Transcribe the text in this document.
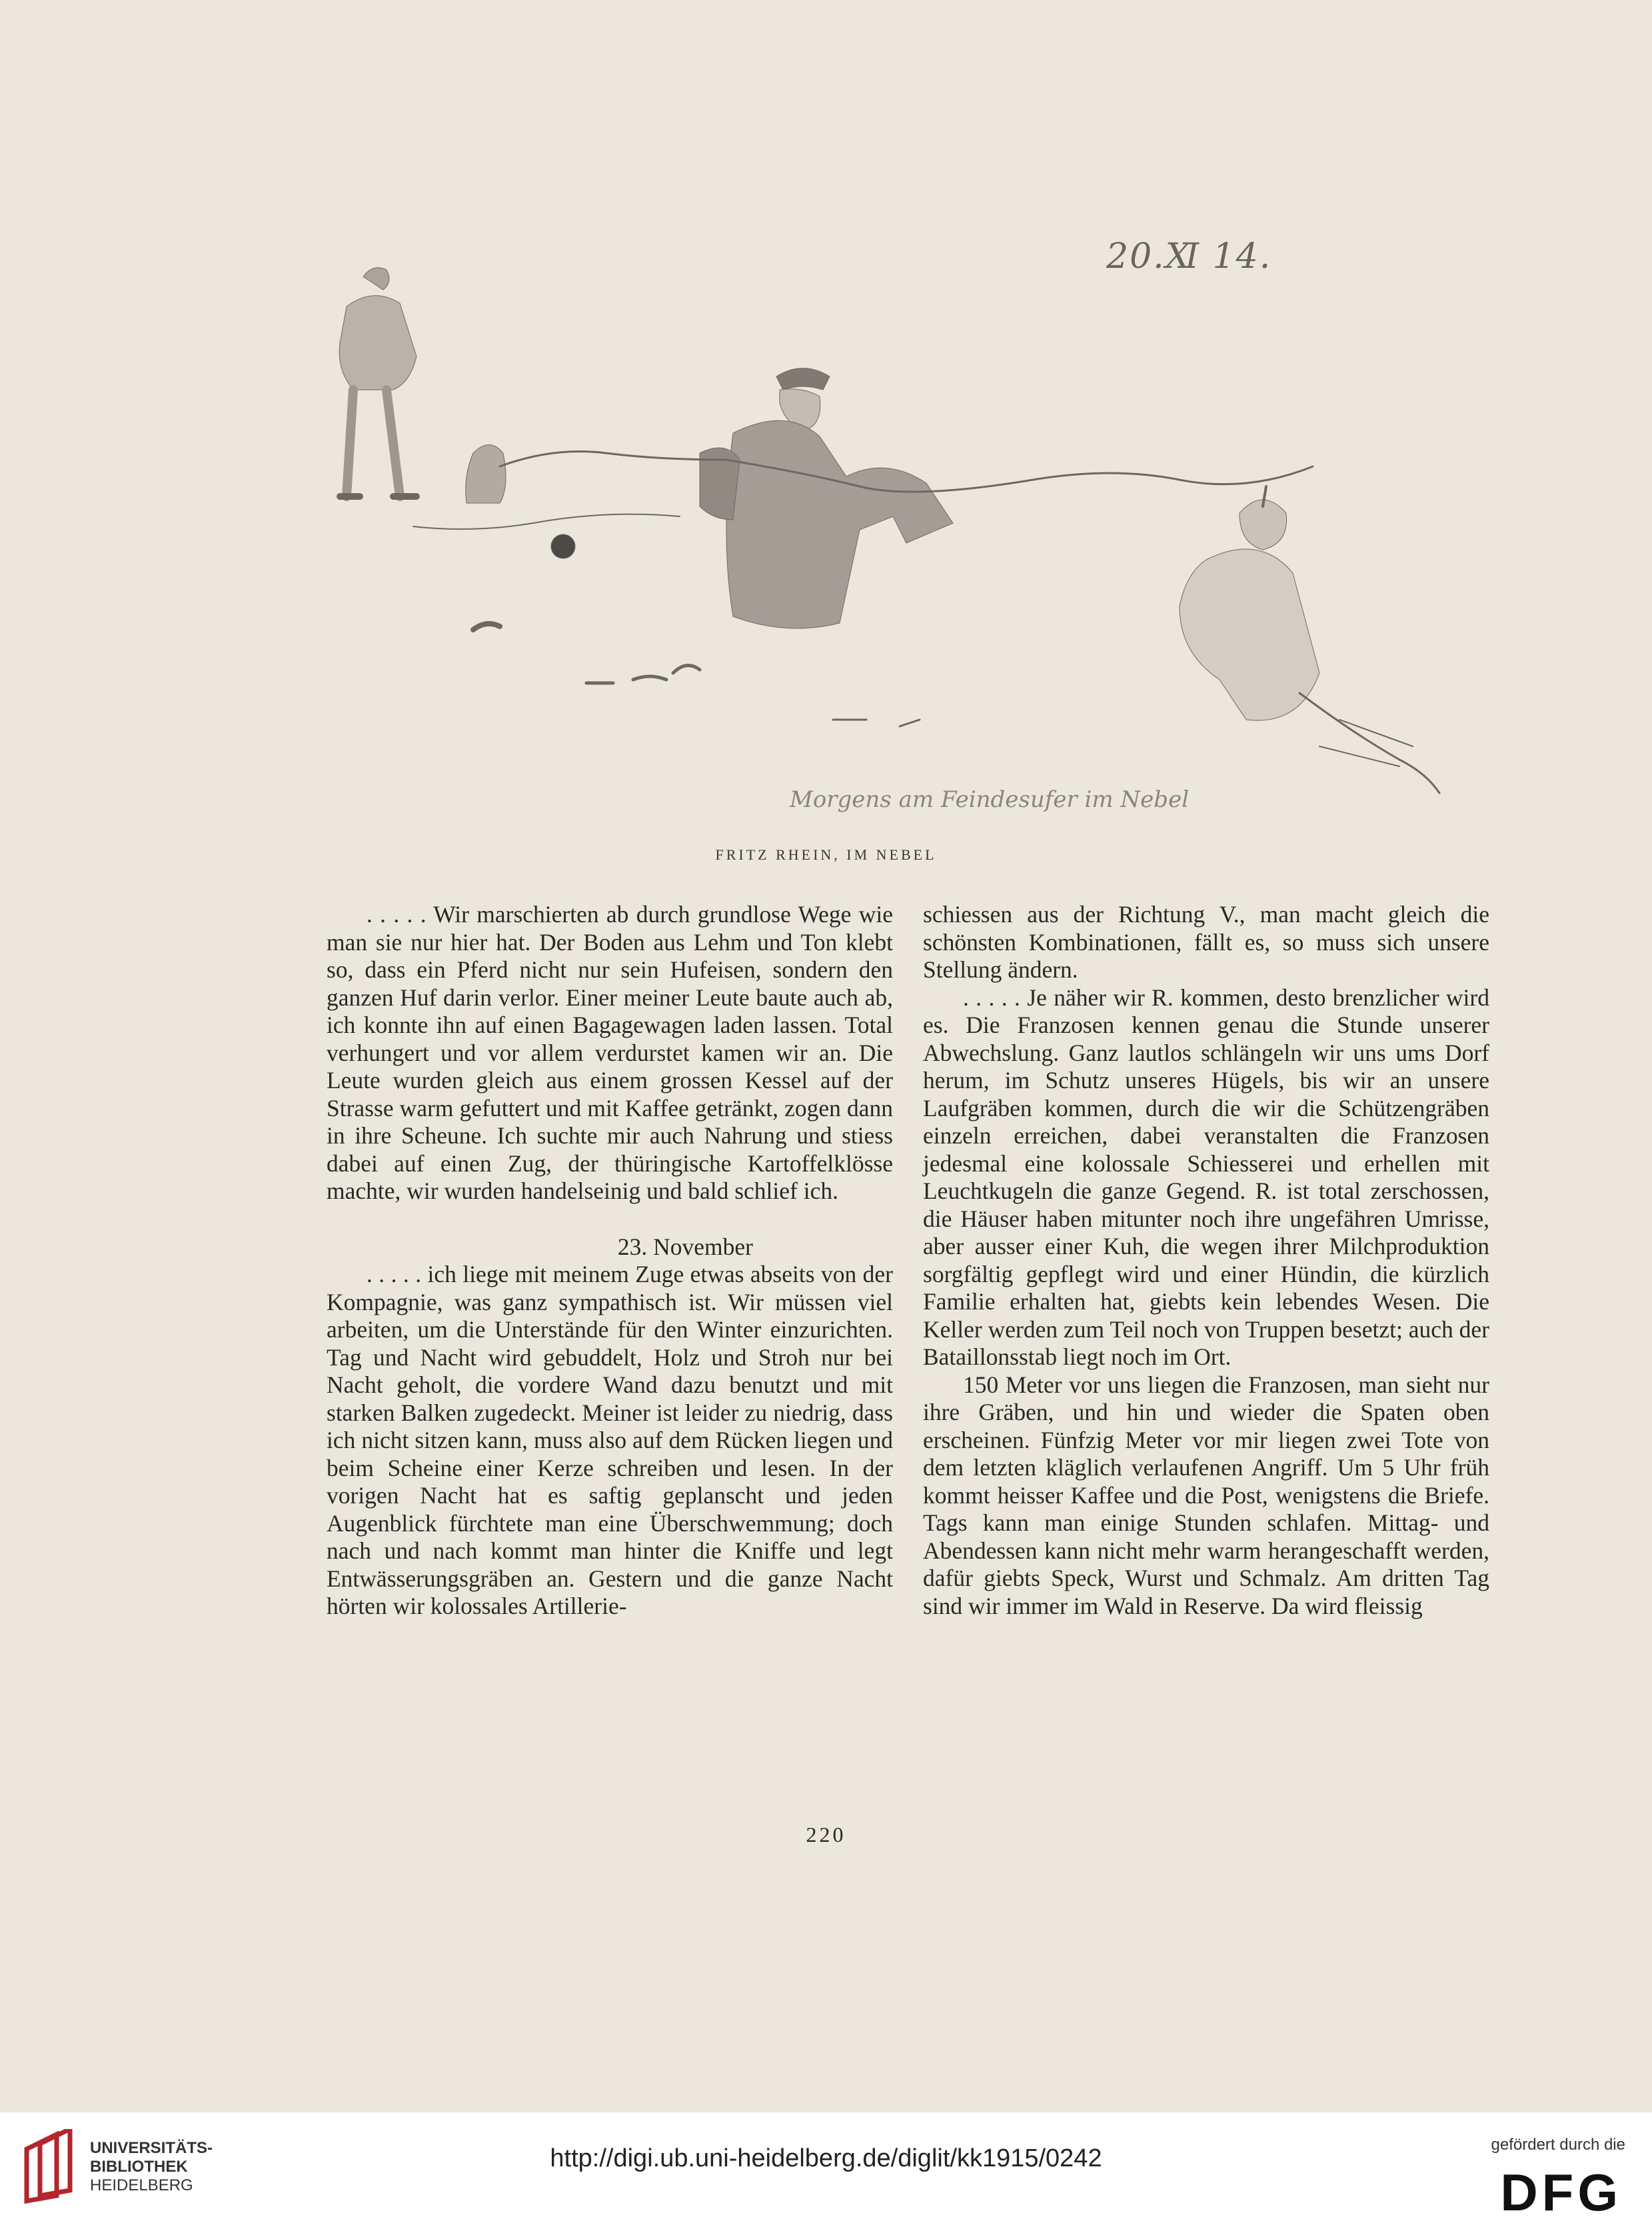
20.Ⅺ 14.
Morgens am Feindesufer im Nebel
FRITZ RHEIN, IM NEBEL

. . . . . Wir marschierten ab durch grundlose Wege wie man sie nur hier hat. Der Boden aus Lehm und Ton klebt so, dass ein Pferd nicht nur sein Hufeisen, sondern den ganzen Huf darin verlor. Einer meiner Leute baute auch ab, ich konnte ihn auf einen Bagagewagen laden lassen. Total verhungert und vor allem verdurstet kamen wir an. Die Leute wurden gleich aus einem grossen Kessel auf der Strasse warm gefuttert und mit Kaffee getränkt, zogen dann in ihre Scheune. Ich suchte mir auch Nahrung und stiess dabei auf einen Zug, der thüringische Kartoffelklösse machte, wir wurden handelseinig und bald schlief ich.

23. November

. . . . . ich liege mit meinem Zuge etwas abseits von der Kompagnie, was ganz sympathisch ist. Wir müssen viel arbeiten, um die Unterstände für den Winter einzurichten. Tag und Nacht wird gebuddelt, Holz und Stroh nur bei Nacht geholt, die vordere Wand dazu benutzt und mit starken Balken zugedeckt. Meiner ist leider zu niedrig, dass ich nicht sitzen kann, muss also auf dem Rücken liegen und beim Scheine einer Kerze schreiben und lesen. In der vorigen Nacht hat es saftig geplanscht und jeden Augenblick fürchtete man eine Überschwemmung; doch nach und nach kommt man hinter die Kniffe und legt Entwässerungsgräben an. Gestern und die ganze Nacht hörten wir kolossales Artillerie-

schiessen aus der Richtung V., man macht gleich die schönsten Kombinationen, fällt es, so muss sich unsere Stellung ändern.

. . . . . Je näher wir R. kommen, desto brenzlicher wird es. Die Franzosen kennen genau die Stunde unserer Abwechslung. Ganz lautlos schlängeln wir uns ums Dorf herum, im Schutz unseres Hügels, bis wir an unsere Laufgräben kommen, durch die wir die Schützengräben einzeln erreichen, dabei veranstalten die Franzosen jedesmal eine kolossale Schiesserei und erhellen mit Leuchtkugeln die ganze Gegend. R. ist total zerschossen, die Häuser haben mitunter noch ihre ungefähren Umrisse, aber ausser einer Kuh, die wegen ihrer Milchproduktion sorgfältig gepflegt wird und einer Hündin, die kürzlich Familie erhalten hat, giebts kein lebendes Wesen. Die Keller werden zum Teil noch von Truppen besetzt; auch der Bataillonsstab liegt noch im Ort.

150 Meter vor uns liegen die Franzosen, man sieht nur ihre Gräben, und hin und wieder die Spaten oben erscheinen. Fünfzig Meter vor mir liegen zwei Tote von dem letzten kläglich verlaufenen Angriff. Um 5 Uhr früh kommt heisser Kaffee und die Post, wenigstens die Briefe. Tags kann man einige Stunden schlafen. Mittag- und Abendessen kann nicht mehr warm herangeschafft werden, dafür giebts Speck, Wurst und Schmalz. Am dritten Tag sind wir immer im Wald in Reserve. Da wird fleissig

220
UNIVERSITÄTS-
BIBLIOTHEK
HEIDELBERG
http://digi.ub.uni-heidelberg.de/diglit/kk1915/0242	gefördert durch die
DFG
